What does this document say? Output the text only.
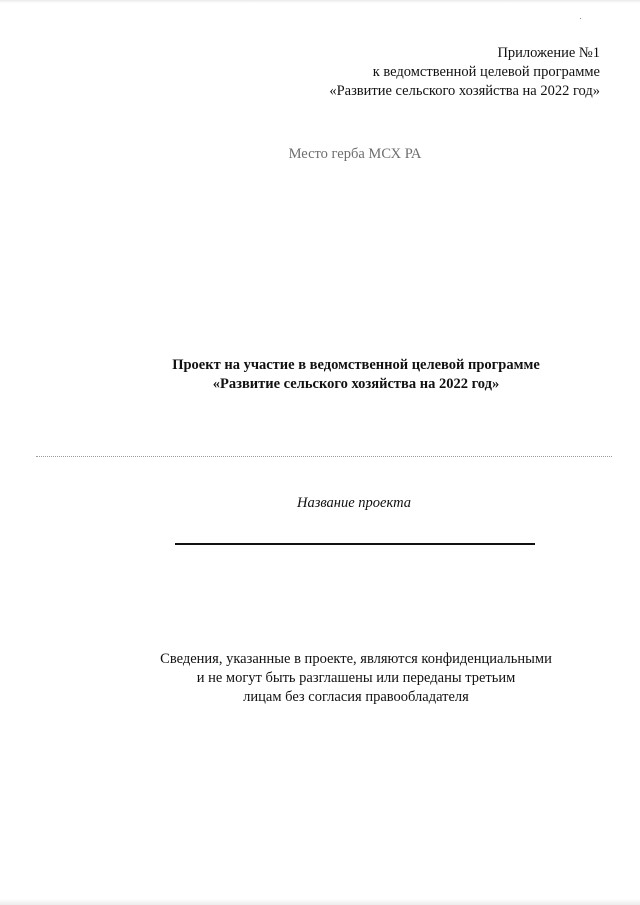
Приложение №1
к ведомственной целевой программе
«Развитие сельского хозяйства на 2022 год»
Место герба МСХ РА
Проект на участие в ведомственной целевой программе
«Развитие сельского хозяйства на 2022 год»
Название проекта
Сведения, указанные в проекте, являются конфиденциальными
и не могут быть разглашены или переданы третьим
лицам без согласия правообладателя
